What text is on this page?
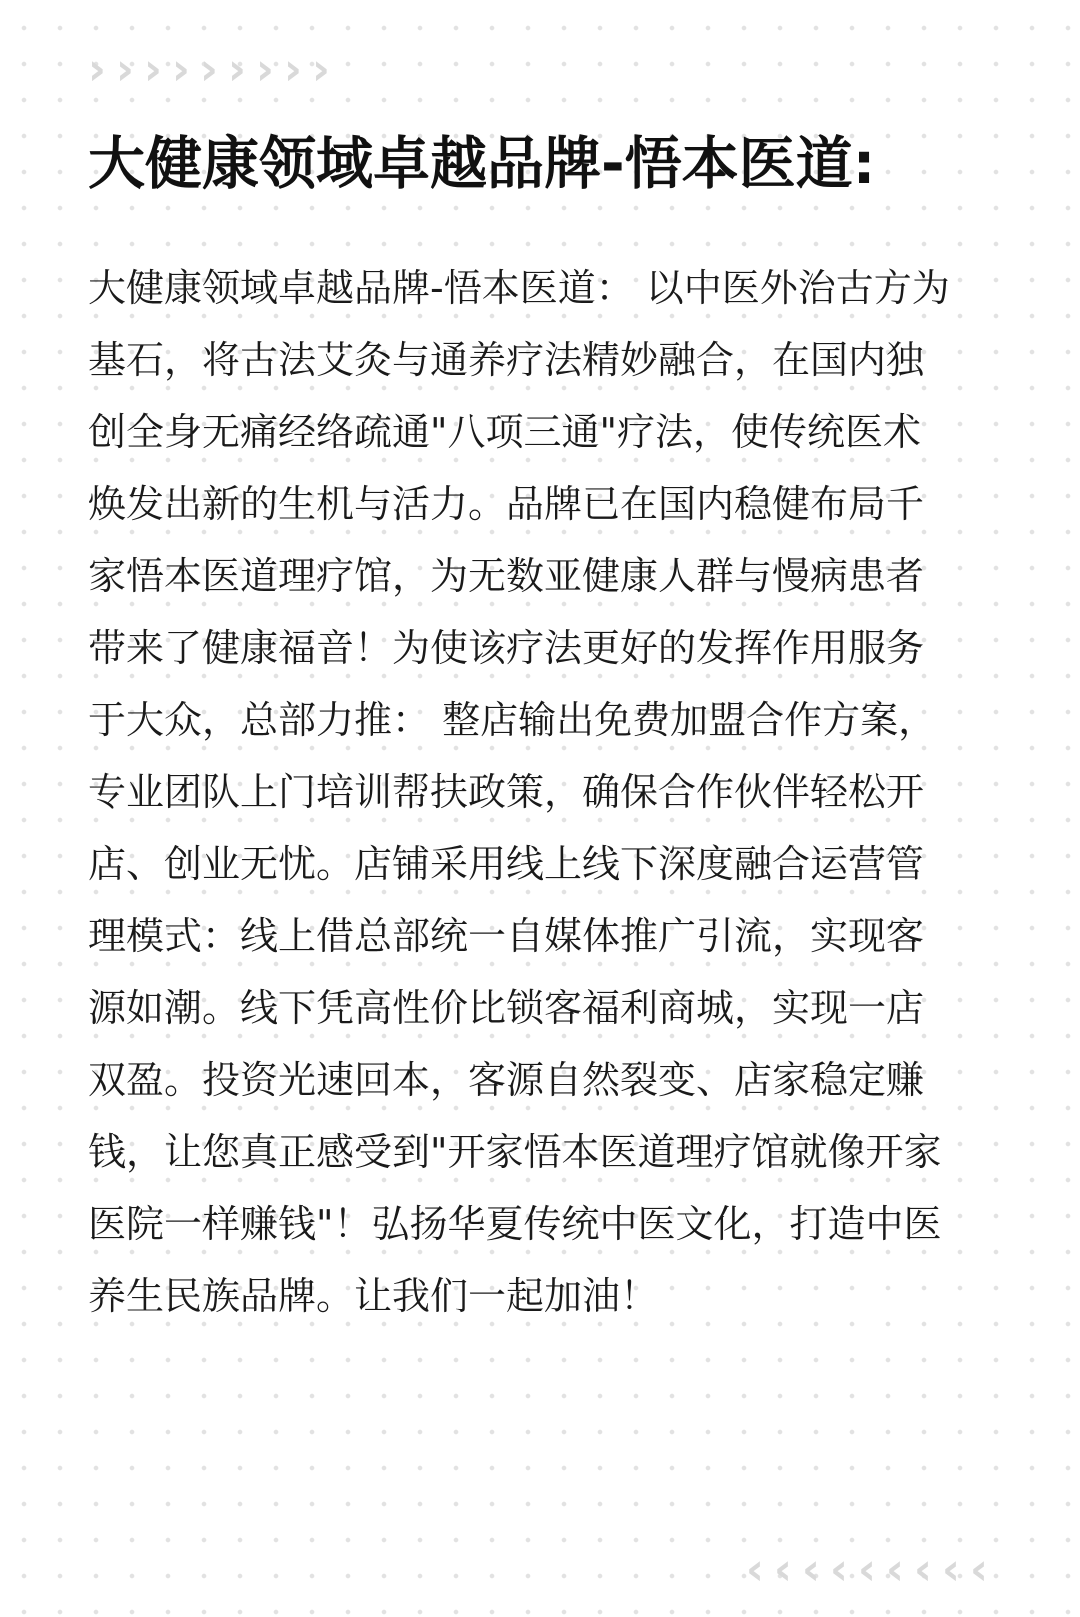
› › › › › › › › ›
大健康领域卓越品牌-悟本医道:

大健康领域卓越品牌-悟本医道： 以中医外治古方为基石，将古法艾灸与通养疗法精妙融合，在国内独创全身无痛经络疏通"八项三通"疗法，使传统医术焕发出新的生机与活力。品牌已在国内稳健布局千家悟本医道理疗馆，为无数亚健康人群与慢病患者带来了健康福音！为使该疗法更好的发挥作用服务于大众，总部力推： 整店输出免费加盟合作方案，专业团队上门培训帮扶政策，确保合作伙伴轻松开店、创业无忧。店铺采用线上线下深度融合运营管理模式：线上借总部统一自媒体推广引流，实现客源如潮。线下凭高性价比锁客福利商城，实现一店双盈。投资光速回本，客源自然裂变、店家稳定赚钱，让您真正感受到"开家悟本医道理疗馆就像开家医院一样赚钱"！弘扬华夏传统中医文化，打造中医养生民族品牌。让我们一起加油！

‹ ‹ ‹ ‹ ‹ ‹ ‹ ‹ ‹
